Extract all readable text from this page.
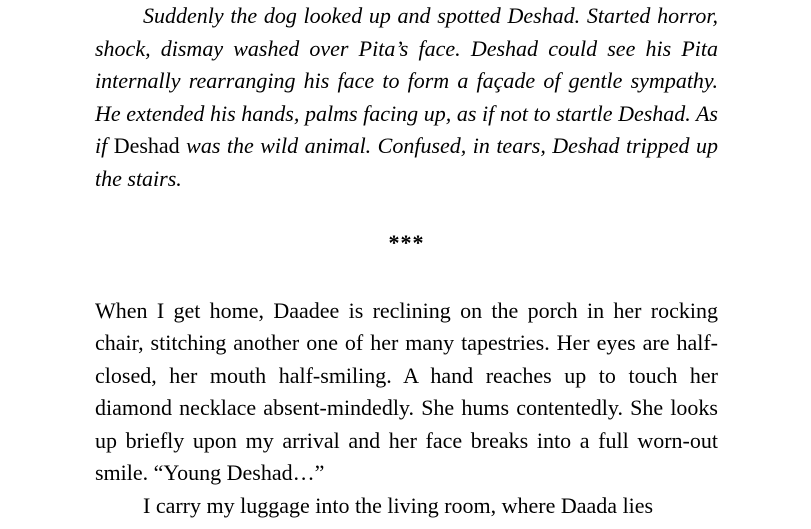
Suddenly the dog looked up and spotted Deshad. Started horror, shock, dismay washed over Pita’s face. Deshad could see his Pita internally rearranging his face to form a façade of gentle sympathy. He extended his hands, palms facing up, as if not to startle Deshad. As if Deshad was the wild animal. Confused, in tears, Deshad tripped up the stairs.

***

When I get home, Daadee is reclining on the porch in her rocking chair, stitching another one of her many tapestries. Her eyes are half-closed, her mouth half-smiling. A hand reaches up to touch her diamond necklace absent-mindedly. She hums contentedly. She looks up briefly upon my arrival and her face breaks into a full worn-out smile. “Young Deshad…”

I carry my luggage into the living room, where Daada lies
